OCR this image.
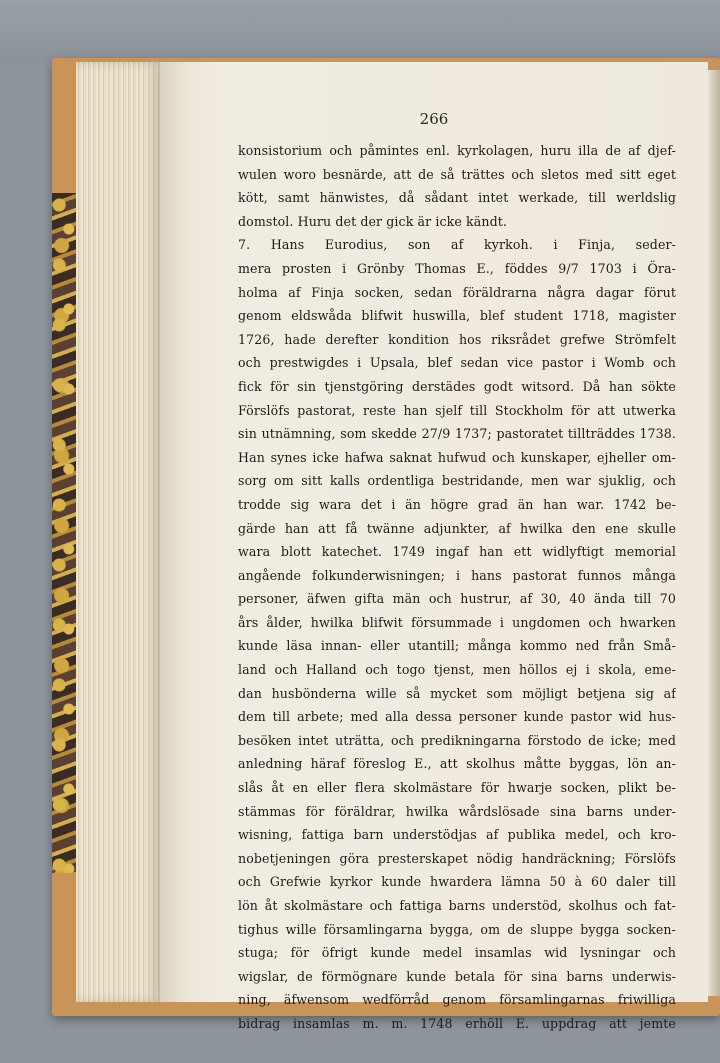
266
konsistorium och påmintes enl. kyrkolagen, huru illa de af djef-
wulen woro besnärde, att de så trättes och sletos med sitt eget
kött, samt hänwistes, då sådant intet werkade, till werldslig
domstol. Huru det der gick är icke kändt.
7. Hans Eurodius, son af kyrkoh. i Finja, seder-
mera prosten i Grönby Thomas E., föddes 9/7 1703 i Öra-
holma af Finja socken, sedan föräldrarna några dagar förut
genom eldswåda blifwit huswilla, blef student 1718, magister
1726, hade derefter kondition hos riksrådet grefwe Strömfelt
och prestwigdes i Upsala, blef sedan vice pastor i Womb och
fick för sin tjenstgöring derstädes godt witsord. Då han sökte
Förslöfs pastorat, reste han sjelf till Stockholm för att utwerka
sin utnämning, som skedde 27/9 1737; pastoratet tillträddes 1738.
Han synes icke hafwa saknat hufwud och kunskaper, ejheller om-
sorg om sitt kalls ordentliga bestridande, men war sjuklig, och
trodde sig wara det i än högre grad än han war. 1742 be-
gärde han att få twänne adjunkter, af hwilka den ene skulle
wara blott katechet. 1749 ingaf han ett widlyftigt memorial
angående folkunderwisningen; i hans pastorat funnos många
personer, äfwen gifta män och hustrur, af 30, 40 ända till 70
års ålder, hwilka blifwit försummade i ungdomen och hwarken
kunde läsa innan- eller utantill; många kommo ned från Små-
land och Halland och togo tjenst, men höllos ej i skola, eme-
dan husbönderna wille så mycket som möjligt betjena sig af
dem till arbete; med alla dessa personer kunde pastor wid hus-
besöken intet uträtta, och predikningarna förstodo de icke; med
anledning häraf föreslog E., att skolhus måtte byggas, lön an-
slås åt en eller flera skolmästare för hwarje socken, plikt be-
stämmas för föräldrar, hwilka wårdslösade sina barns under-
wisning, fattiga barn understödjas af publika medel, och kro-
nobetjeningen göra presterskapet nödig handräckning; Förslöfs
och Grefwie kyrkor kunde hwardera lämna 50 à 60 daler till
lön åt skolmästare och fattiga barns understöd, skolhus och fat-
tighus wille församlingarna bygga, om de sluppe bygga socken-
stuga; för öfrigt kunde medel insamlas wid lysningar och
wigslar, de förmögnare kunde betala för sina barns underwis-
ning, äfwensom wedförråd genom församlingarnas friwilliga
bidrag insamlas m. m. 1748 erhöll E. uppdrag att jemte
